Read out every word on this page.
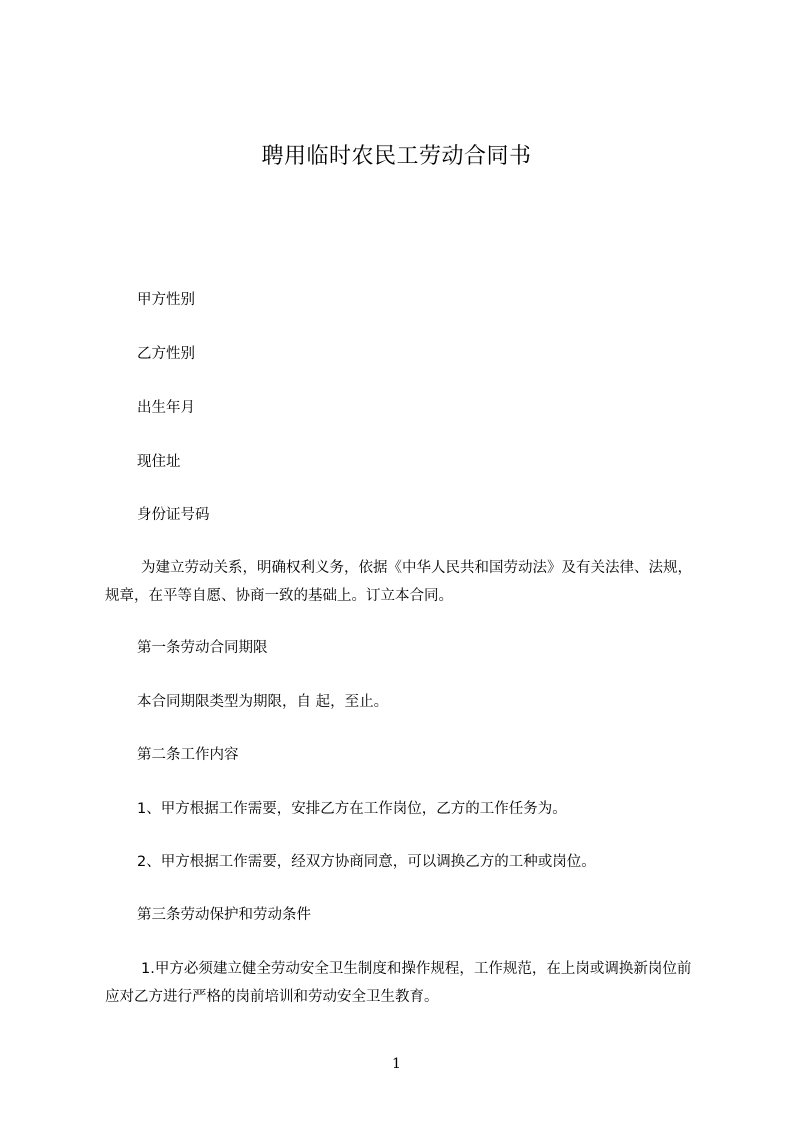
聘用临时农民工劳动合同书

甲方性别

乙方性别

出生年月

现住址

身份证号码

为建立劳动关系，明确权利义务，依据《中华人民共和国劳动法》及有关法律、法规，规章，在平等自愿、协商一致的基础上。订立本合同。

第一条劳动合同期限

本合同期限类型为期限，自 起，至止。

第二条工作内容

1、甲方根据工作需要，安排乙方在工作岗位，乙方的工作任务为。

2、甲方根据工作需要，经双方协商同意，可以调换乙方的工种或岗位。

第三条劳动保护和劳动条件

1.甲方必须建立健全劳动安全卫生制度和操作规程，工作规范，在上岗或调换新岗位前应对乙方进行严格的岗前培训和劳动安全卫生教育。

1
